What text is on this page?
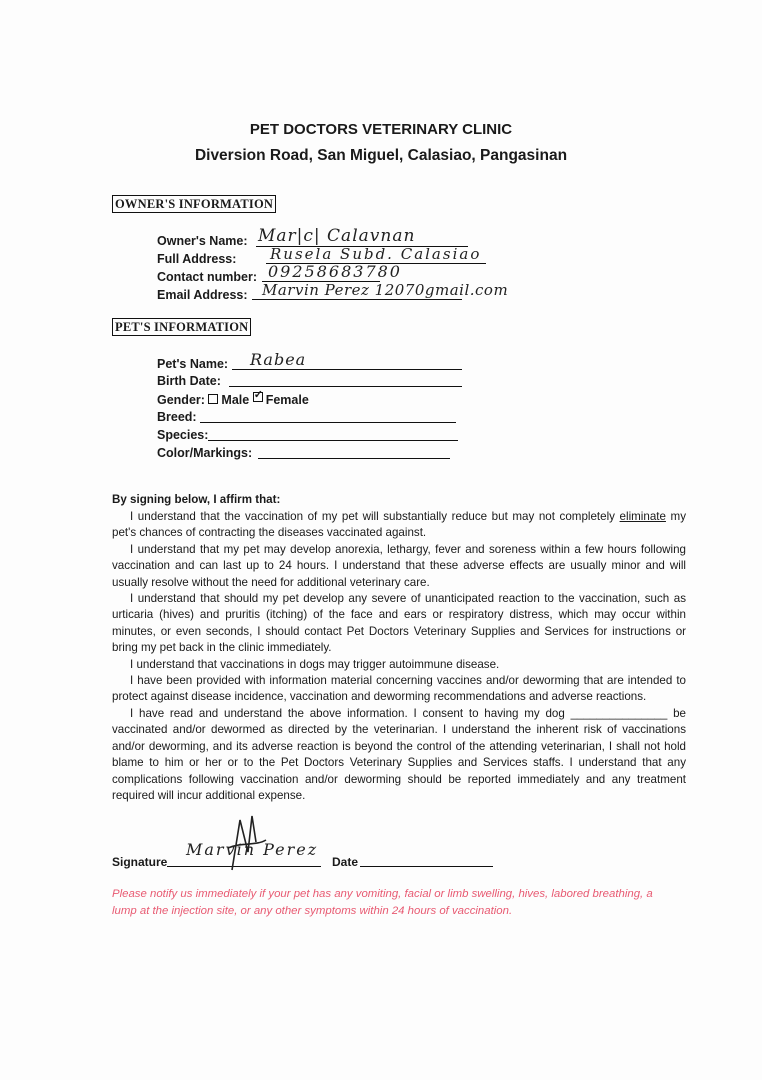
PET DOCTORS VETERINARY CLINIC
Diversion Road, San Miguel, Calasiao, Pangasinan
OWNER'S INFORMATION
Owner's Name: Mar|c| Calavnan
Full Address: Rusela Subd. Calasiao
Contact number: 09258683780
Email Address: Marvin Perez 12070gmail.com
PET'S INFORMATION
Pet's Name: Rabea
Birth Date:
Gender: Male ✓ Female
Breed:
Species:
Color/Markings:
By signing below, I affirm that:

I understand that the vaccination of my pet will substantially reduce but may not completely eliminate my pet's chances of contracting the diseases vaccinated against.

I understand that my pet may develop anorexia, lethargy, fever and soreness within a few hours following vaccination and can last up to 24 hours. I understand that these adverse effects are usually minor and will usually resolve without the need for additional veterinary care.

I understand that should my pet develop any severe of unanticipated reaction to the vaccination, such as urticaria (hives) and pruritis (itching) of the face and ears or respiratory distress, which may occur within minutes, or even seconds, I should contact Pet Doctors Veterinary Supplies and Services for instructions or bring my pet back in the clinic immediately.

I understand that vaccinations in dogs may trigger autoimmune disease.

I have been provided with information material concerning vaccines and/or deworming that are intended to protect against disease incidence, vaccination and deworming recommendations and adverse reactions.

I have read and understand the above information. I consent to having my dog _______________ be vaccinated and/or dewormed as directed by the veterinarian. I understand the inherent risk of vaccinations and/or deworming, and its adverse reaction is beyond the control of the attending veterinarian, I shall not hold blame to him or her or to the Pet Doctors Veterinary Supplies and Services staffs. I understand that any complications following vaccination and/or deworming should be reported immediately and any treatment required will incur additional expense.

Signature
Marvin Perez
Date
Please notify us immediately if your pet has any vomiting, facial or limb swelling, hives, labored breathing, a lump at the injection site, or any other symptoms within 24 hours of vaccination.
